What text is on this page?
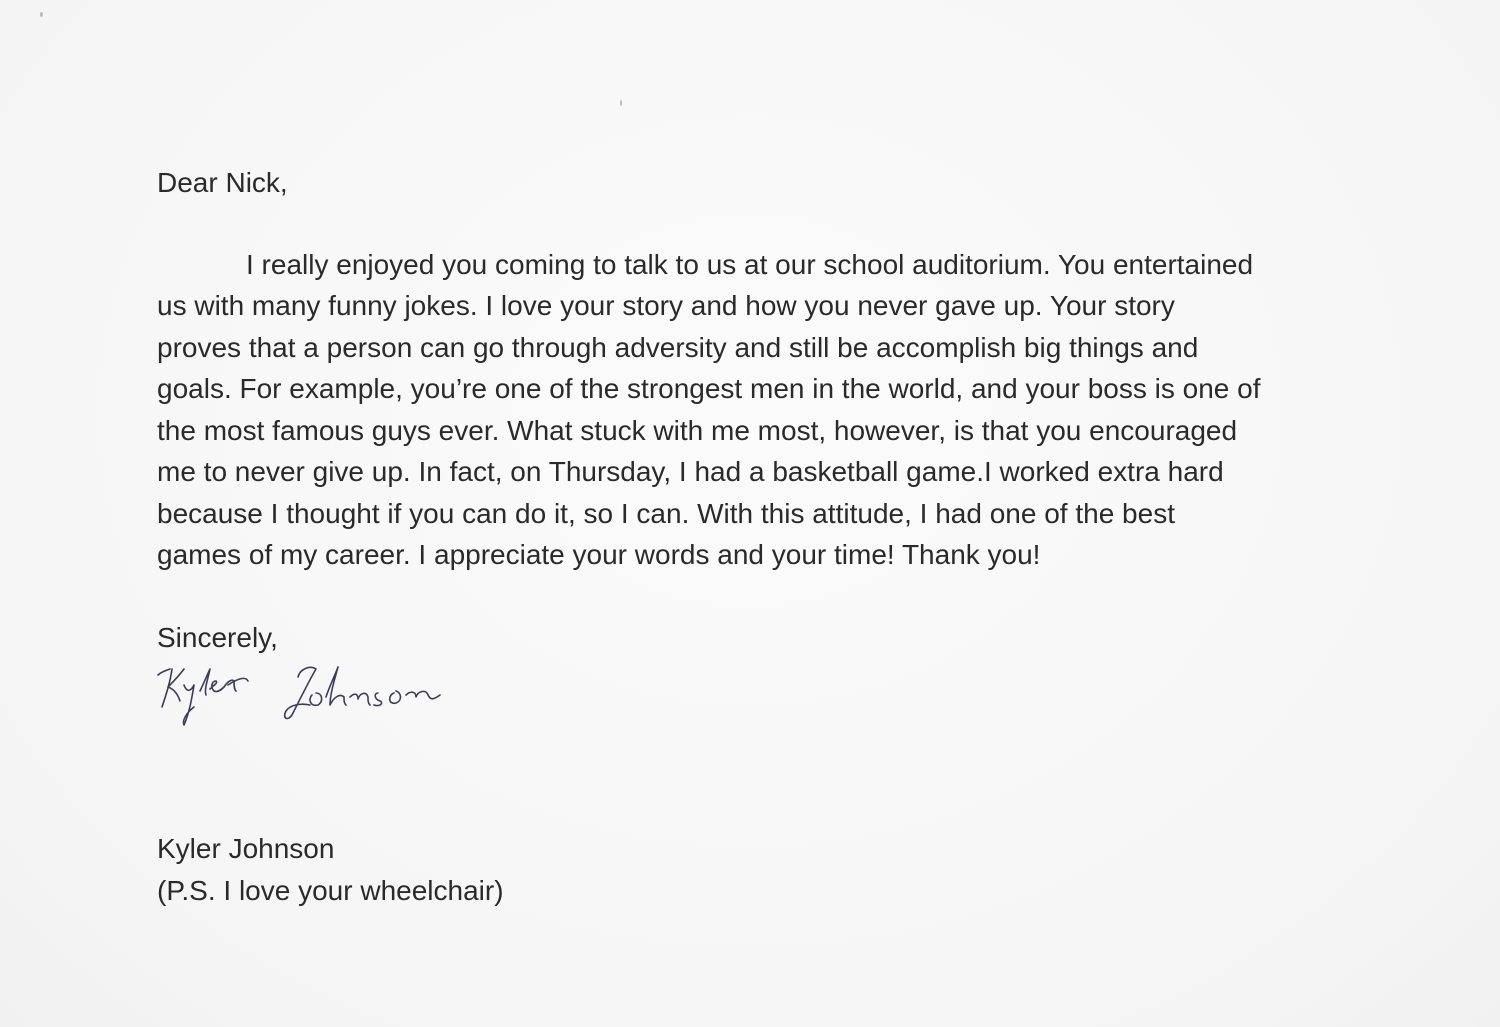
Dear Nick,

I really enjoyed you coming to talk to us at our school auditorium. You entertained

us with many funny jokes. I love your story and how you never gave up. Your story

proves that a person can go through adversity and still be accomplish big things and

goals. For example, you’re one of the strongest men in the world, and your boss is one of

the most famous guys ever. What stuck with me most, however, is that you encouraged

me to never give up. In fact, on Thursday, I had a basketball game.I worked extra hard

because I thought if you can do it, so I can. With this attitude, I had one of the best

games of my career. I appreciate your words and your time! Thank you!

Sincerely,

Kyler Johnson

Kyler Johnson

(P.S. I love your wheelchair)
